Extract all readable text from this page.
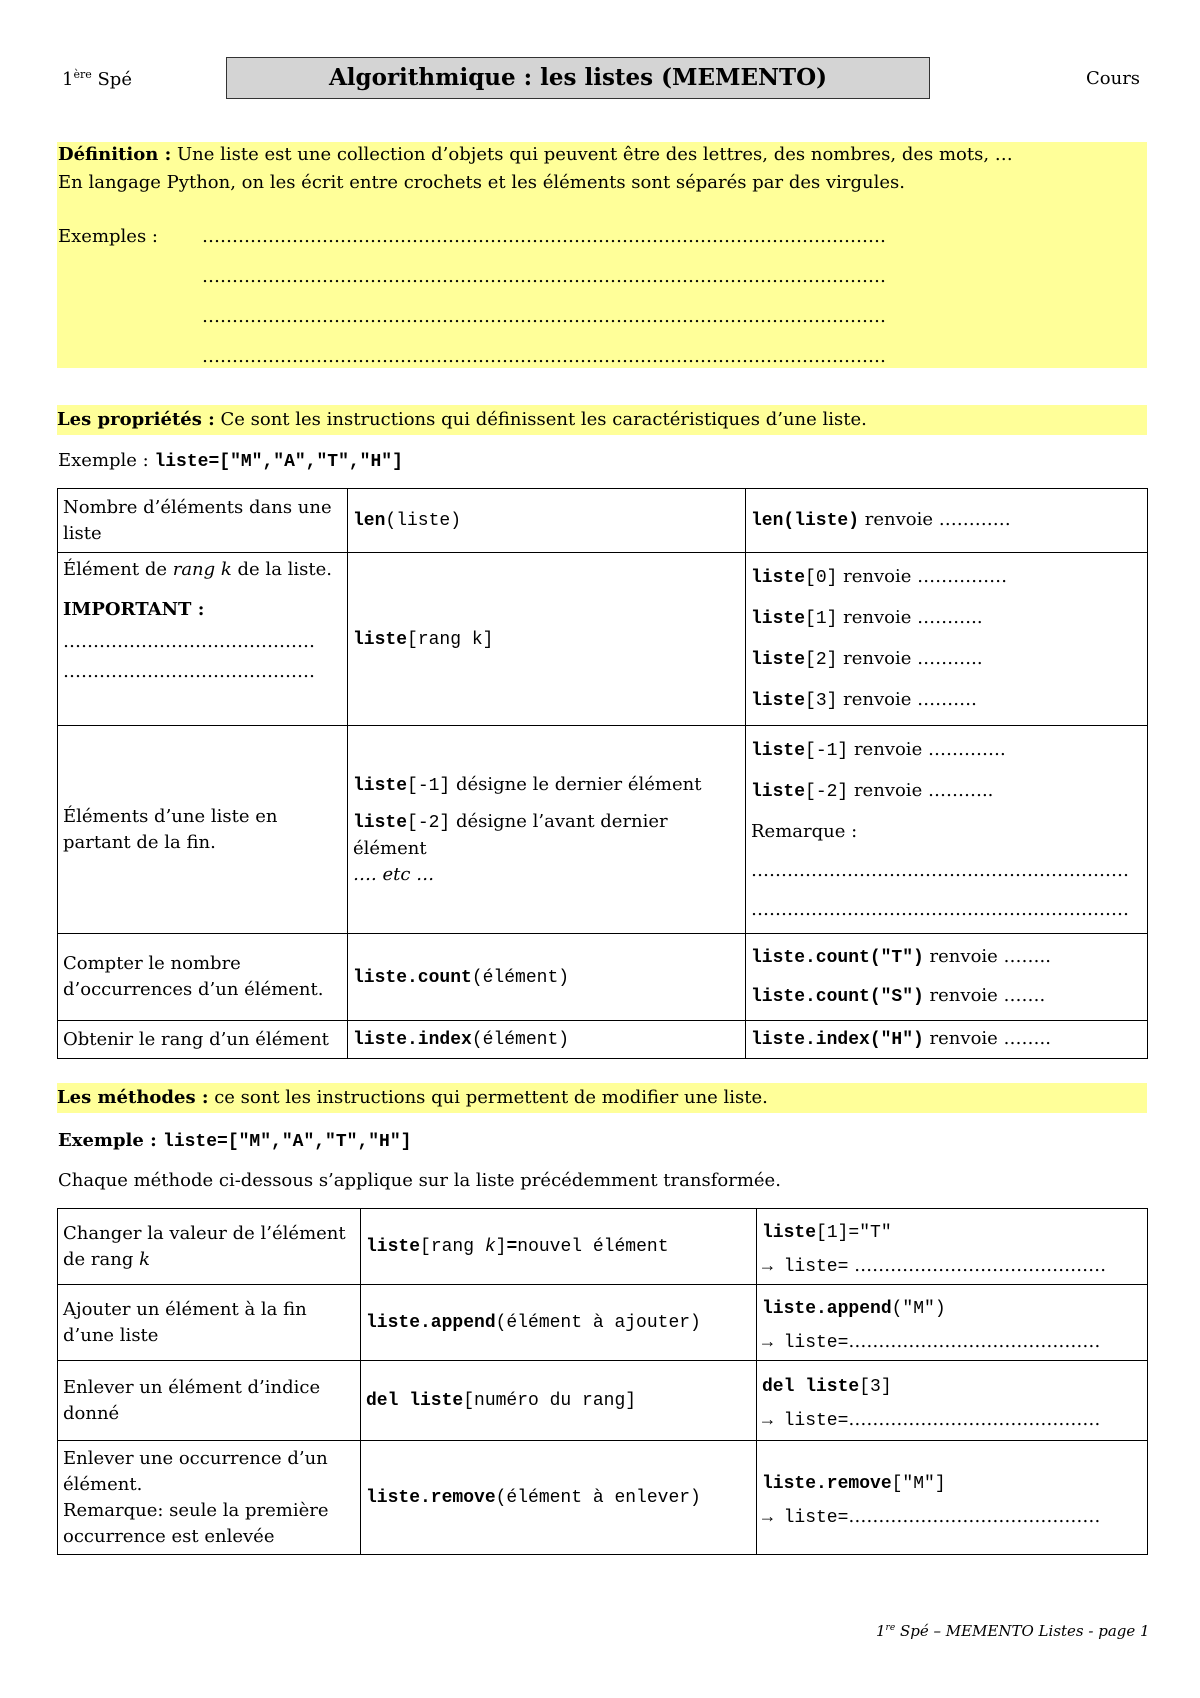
1ère Spé	Algorithmique : les listes (MEMENTO)	Cours
Définition : Une liste est une collection d’objets qui peuvent être des lettres, des nombres, des mots, …
En langage Python, on les écrit entre crochets et les éléments sont séparés par des virgules.
Exemples : ……………………………………………………………………………………………………
……………………………………………………………………………………………………
……………………………………………………………………………………………………
……………………………………………………………………………………………………
Les propriétés : Ce sont les instructions qui définissent les caractéristiques d’une liste.
Exemple : liste=["M","A","T","H"]
Nombre d’éléments dans une
liste	len(liste)	len(liste) renvoie …………

Élément de rang k de la liste.
IMPORTANT :
……………………………………
……………………………………	liste[rang k]	liste[0] renvoie ……………
liste[1] renvoie ………..
liste[2] renvoie ………..
liste[3] renvoie ……….

Éléments d’une liste en
partant de la fin.	liste[-1] désigne le dernier élément
liste[-2] désigne l’avant dernier
élément
…. etc …	liste[-1] renvoie ………….
liste[-2] renvoie ………..
Remarque :
………………………………………………………
………………………………………………………

Compter le nombre
d’occurrences d’un élément.	liste.count(élément)	liste.count("T") renvoie ……..
liste.count("S") renvoie …….

Obtenir le rang d’un élément	liste.index(élément)	liste.index("H") renvoie ……..
Les méthodes : ce sont les instructions qui permettent de modifier une liste.
Exemple : liste=["M","A","T","H"]
Chaque méthode ci-dessous s’applique sur la liste précédemment transformée.
Changer la valeur de l’élément
de rang k	liste[rang k]=nouvel élément	liste[1]="T"
→ liste= ……………………………………

Ajouter un élément à la fin
d’une liste	liste.append(élément à ajouter)	liste.append("M")
→ liste=……………………………………

Enlever un élément d’indice
donné	del liste[numéro du rang]	del liste[3]
→ liste=……………………………………

Enlever une occurrence d’un
élément.
Remarque: seule la première
occurrence est enlevée	liste.remove(élément à enlever)	liste.remove["M"]
→ liste=……………………………………
1re Spé – MEMENTO Listes - page 1
